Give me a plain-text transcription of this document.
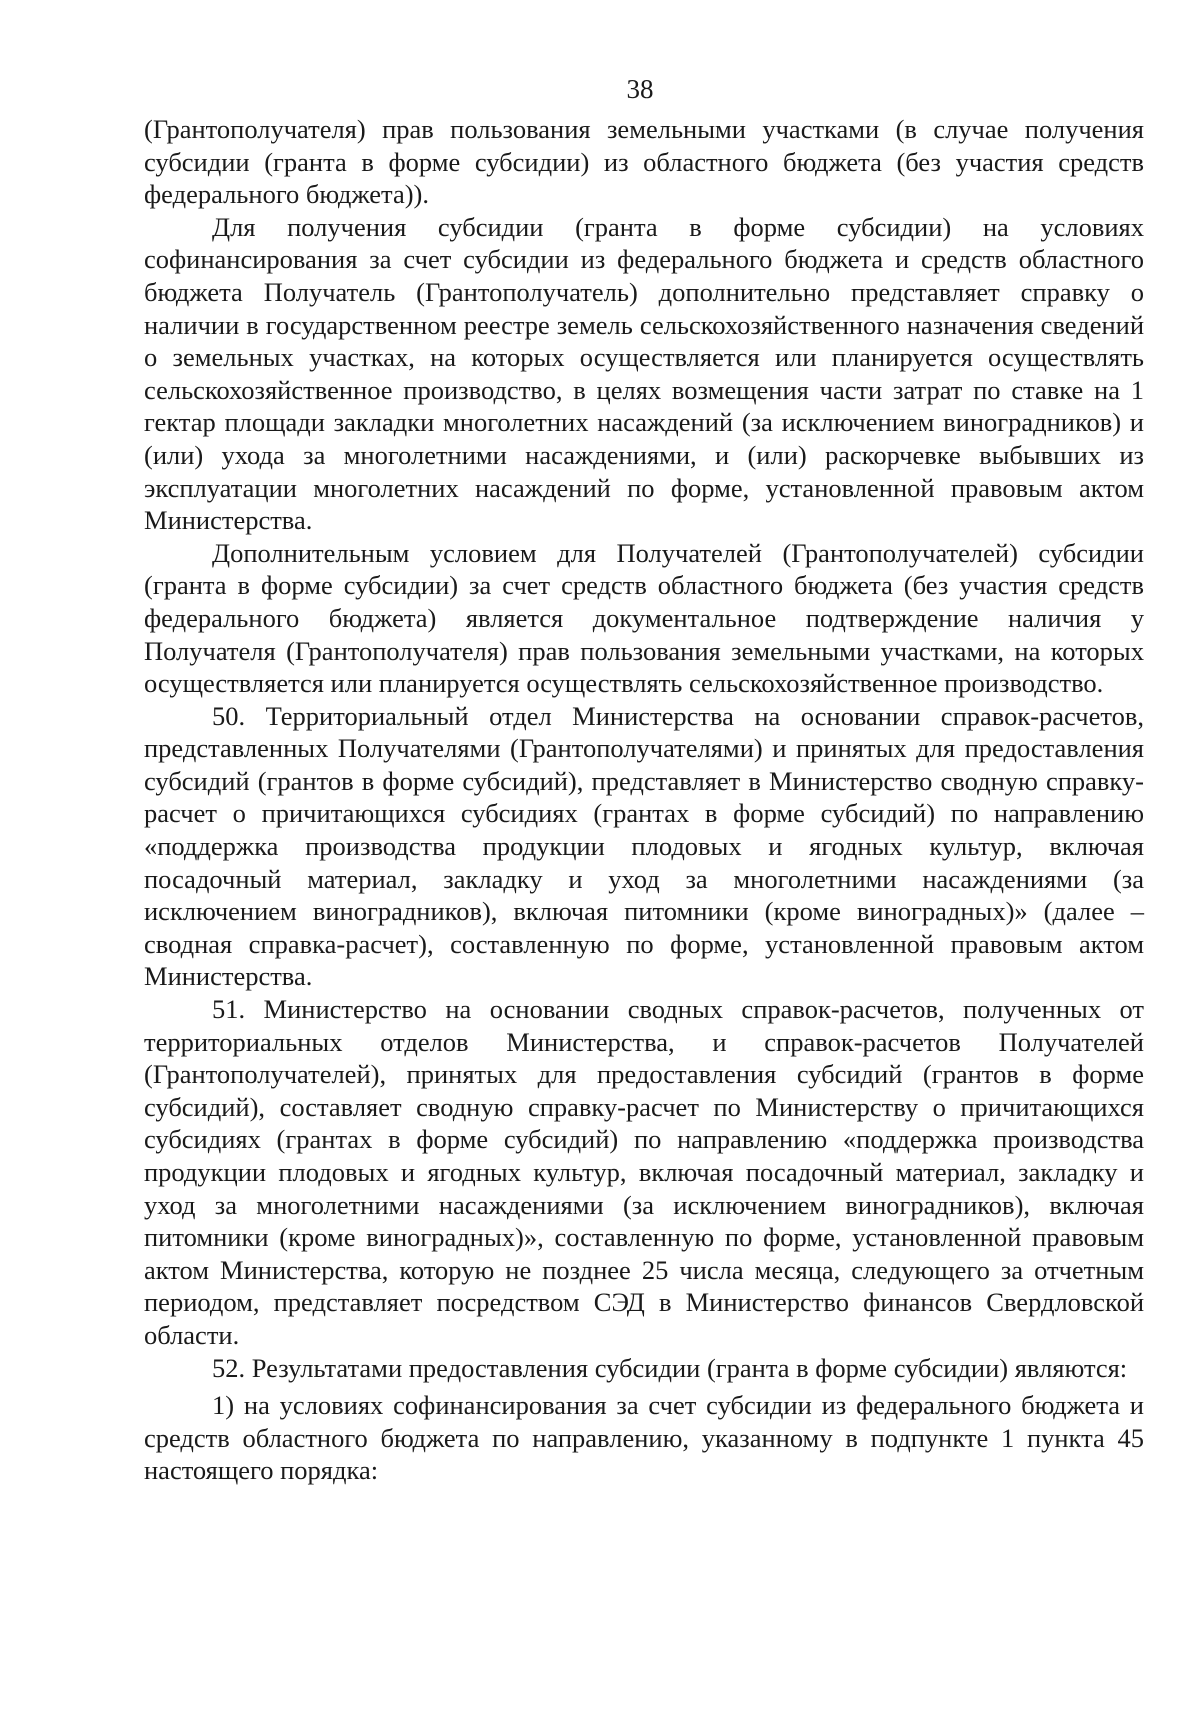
38

(Грантополучателя) прав пользования земельными участками (в случае получения субсидии (гранта в форме субсидии) из областного бюджета (без участия средств федерального бюджета)).

Для получения субсидии (гранта в форме субсидии) на условиях софинансирования за счет субсидии из федерального бюджета и средств областного бюджета Получатель (Грантополучатель) дополнительно представляет справку о наличии в государственном реестре земель сельскохозяйственного назначения сведений о земельных участках, на которых осуществляется или планируется осуществлять сельскохозяйственное производство, в целях возмещения части затрат по ставке на 1 гектар площади закладки многолетних насаждений (за исключением виноградников) и (или) ухода за многолетними насаждениями, и (или) раскорчевке выбывших из эксплуатации многолетних насаждений по форме, установленной правовым актом Министерства.

Дополнительным условием для Получателей (Грантополучателей) субсидии (гранта в форме субсидии) за счет средств областного бюджета (без участия средств федерального бюджета) является документальное подтверждение наличия у Получателя (Грантополучателя) прав пользования земельными участками, на которых осуществляется или планируется осуществлять сельскохозяйственное производство.

50. Территориальный отдел Министерства на основании справок-расчетов, представленных Получателями (Грантополучателями) и принятых для предоставления субсидий (грантов в форме субсидий), представляет в Министерство сводную справку-расчет о причитающихся субсидиях (грантах в форме субсидий) по направлению «поддержка производства продукции плодовых и ягодных культур, включая посадочный материал, закладку и уход за многолетними насаждениями (за исключением виноградников), включая питомники (кроме виноградных)» (далее – сводная справка-расчет), составленную по форме, установленной правовым актом Министерства.

51. Министерство на основании сводных справок-расчетов, полученных от территориальных отделов Министерства, и справок-расчетов Получателей (Грантополучателей), принятых для предоставления субсидий (грантов в форме субсидий), составляет сводную справку-расчет по Министерству о причитающихся субсидиях (грантах в форме субсидий) по направлению «поддержка производства продукции плодовых и ягодных культур, включая посадочный материал, закладку и уход за многолетними насаждениями (за исключением виноградников), включая питомники (кроме виноградных)», составленную по форме, установленной правовым актом Министерства, которую не позднее 25 числа месяца, следующего за отчетным периодом, представляет посредством СЭД в Министерство финансов Свердловской области.

52. Результатами предоставления субсидии (гранта в форме субсидии) являются:

1) на условиях софинансирования за счет субсидии из федерального бюджета и средств областного бюджета по направлению, указанному в подпункте 1 пункта 45 настоящего порядка:
